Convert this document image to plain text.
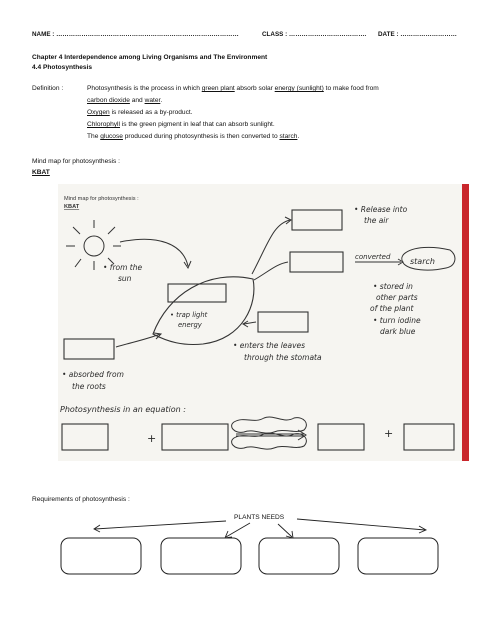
NAME : ……………………………………………………………………………	CLASS : ………………………………. DATE : ………………………
Chapter 4 Interdependence among Living Organisms and The Environment
4.4 Photosynthesis
Definition :	Photosynthesis is the process in which green plant absorb solar energy (sunlight) to make food from
carbon dioxide and water.
Oxygen is released as a by-product.
Chlorophyll is the green pigment in leaf that can absorb sunlight.
The glucose produced during photosynthesis is then converted to starch.
Mind map for photosynthesis :
KBAT
Mind map for photosynthesis :
KBAT
• from the
sun
• trap light
energy
• Release into
the air
converted starch
• stored in
other parts
of the plant
• turn iodine
dark blue
• enters the leaves
through the stomata
• absorbed from
the roots
Photosynthesis in an equation :
+	+
Requirements of photosynthesis :
PLANTS NEEDS
